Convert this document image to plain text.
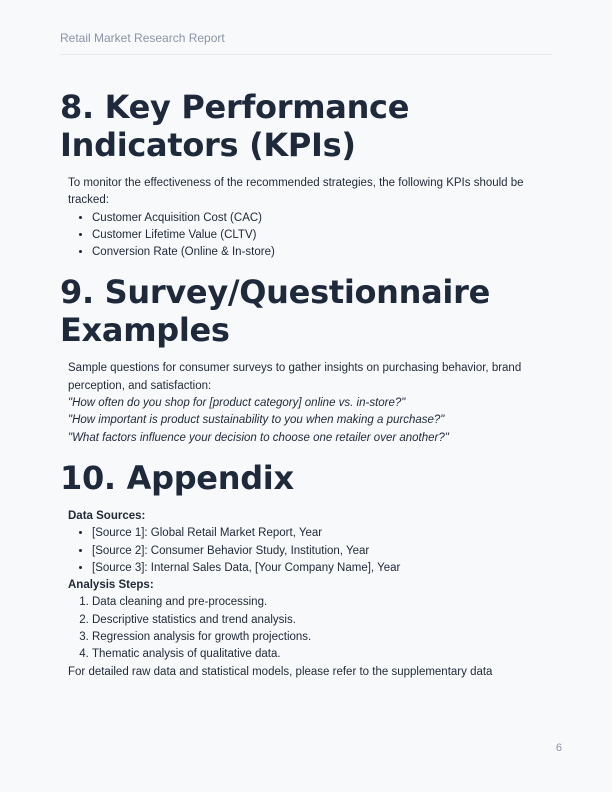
Retail Market Research Report
8. Key Performance Indicators (KPIs)

To monitor the effectiveness of the recommended strategies, the following KPIs should be tracked:

• Customer Acquisition Cost (CAC)
• Customer Lifetime Value (CLTV)
• Conversion Rate (Online & In-store)
9. Survey/Questionnaire Examples

Sample questions for consumer surveys to gather insights on purchasing behavior, brand perception, and satisfaction:

"How often do you shop for [product category] online vs. in-store?"

"How important is product sustainability to you when making a purchase?"

"What factors influence your decision to choose one retailer over another?"

10. Appendix

Data Sources:

• [Source 1]: Global Retail Market Report, Year
• [Source 2]: Consumer Behavior Study, Institution, Year
• [Source 3]: Internal Sales Data, [Your Company Name], Year

Analysis Steps:

1. Data cleaning and pre-processing.
2. Descriptive statistics and trend analysis.
3. Regression analysis for growth projections.
4. Thematic analysis of qualitative data.

For detailed raw data and statistical models, please refer to the supplementary data

6
